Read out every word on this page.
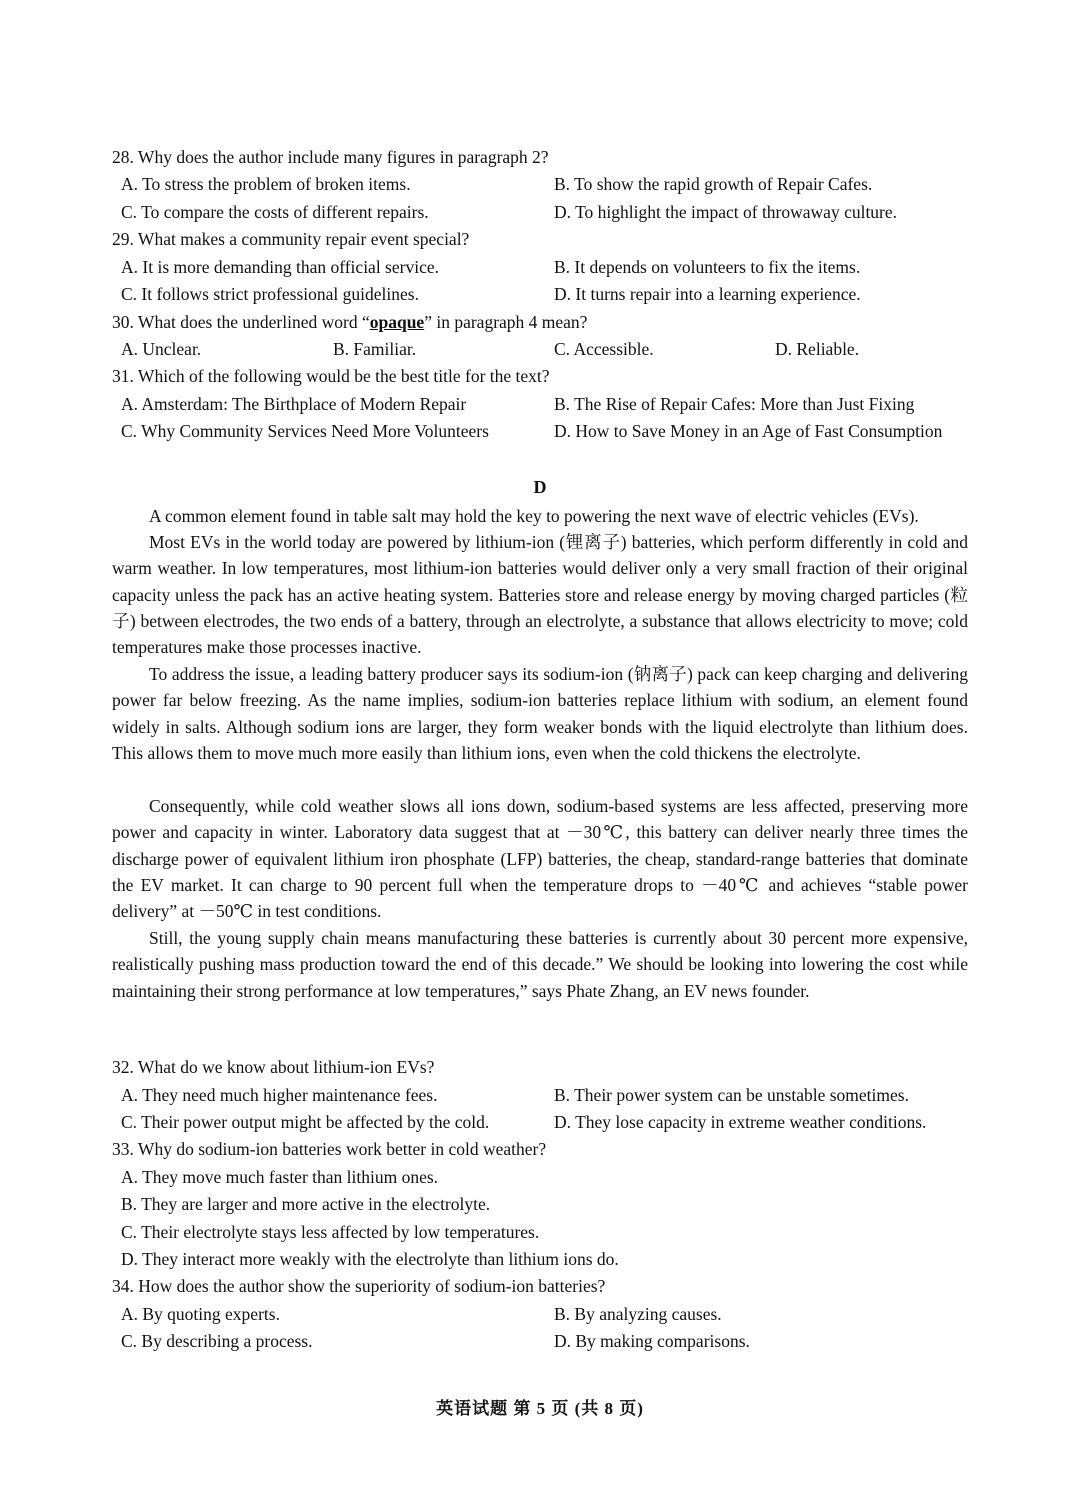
28. Why does the author include many figures in paragraph 2?
A. To stress the problem of broken items.	B. To show the rapid growth of Repair Cafes.
C. To compare the costs of different repairs.	D. To highlight the impact of throwaway culture.
29. What makes a community repair event special?
A. It is more demanding than official service.	B. It depends on volunteers to fix the items.
C. It follows strict professional guidelines.	D. It turns repair into a learning experience.
30. What does the underlined word “opaque” in paragraph 4 mean?
A. Unclear.	B. Familiar.	C. Accessible.	D. Reliable.
31. Which of the following would be the best title for the text?
A. Amsterdam: The Birthplace of Modern Repair	B. The Rise of Repair Cafes: More than Just Fixing
C. Why Community Services Need More Volunteers	D. How to Save Money in an Age of Fast Consumption
D

A common element found in table salt may hold the key to powering the next wave of electric vehicles (EVs).

Most EVs in the world today are powered by lithium-ion (锂离子) batteries, which perform differently in cold and warm weather. In low temperatures, most lithium-ion batteries would deliver only a very small fraction of their original capacity unless the pack has an active heating system. Batteries store and release energy by moving charged particles (粒子) between electrodes, the two ends of a battery, through an electrolyte, a substance that allows electricity to move; cold temperatures make those processes inactive.

To address the issue, a leading battery producer says its sodium-ion (钠离子) pack can keep charging and delivering power far below freezing. As the name implies, sodium-ion batteries replace lithium with sodium, an element found widely in salts. Although sodium ions are larger, they form weaker bonds with the liquid electrolyte than lithium does. This allows them to move much more easily than lithium ions, even when the cold thickens the electrolyte.

Consequently, while cold weather slows all ions down, sodium-based systems are less affected, preserving more power and capacity in winter. Laboratory data suggest that at －30℃, this battery can deliver nearly three times the discharge power of equivalent lithium iron phosphate (LFP) batteries, the cheap, standard-range batteries that dominate the EV market. It can charge to 90 percent full when the temperature drops to －40℃ and achieves “stable power delivery” at －50℃ in test conditions.

Still, the young supply chain means manufacturing these batteries is currently about 30 percent more expensive, realistically pushing mass production toward the end of this decade.” We should be looking into lowering the cost while maintaining their strong performance at low temperatures,” says Phate Zhang, an EV news founder.

32. What do we know about lithium-ion EVs?
A. They need much higher maintenance fees.	B. Their power system can be unstable sometimes.
C. Their power output might be affected by the cold.	D. They lose capacity in extreme weather conditions.
33. Why do sodium-ion batteries work better in cold weather?
A. They move much faster than lithium ones.
B. They are larger and more active in the electrolyte.
C. Their electrolyte stays less affected by low temperatures.
D. They interact more weakly with the electrolyte than lithium ions do.
34. How does the author show the superiority of sodium-ion batteries?
A. By quoting experts.	B. By analyzing causes.
C. By describing a process.	D. By making comparisons.
英语试题 第 5 页 (共 8 页)
